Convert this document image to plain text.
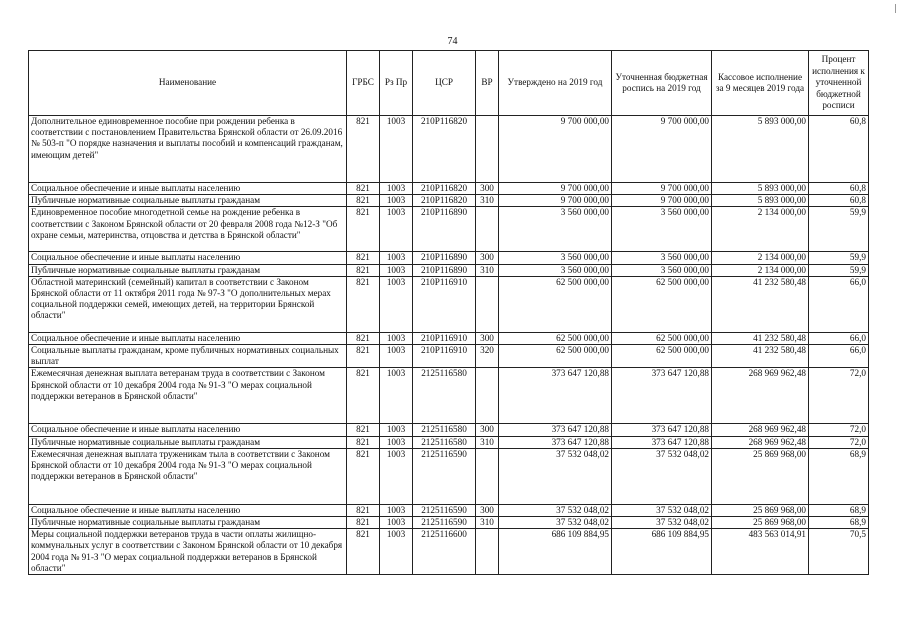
74
Наименование	ГРБС	Рз Пр	ЦСР	ВР	Утверждено на 2019 год	Уточненная бюджетная роспись на 2019 год	Кассовое исполнение за 9 месяцев 2019 года	Процент исполнения к уточненной бюджетной росписи
Дополнительное единовременное пособие при рождении ребенка в соответствии с постановлением Правительства Брянской области от 26.09.2016 № 503-п "О порядке назначения и выплаты пособий и компенсаций гражданам, имеющим детей"	821	1003	210Р116820		9 700 000,00	9 700 000,00	5 893 000,00	60,8
Социальное обеспечение и иные выплаты населению	821	1003	210Р116820	300	9 700 000,00	9 700 000,00	5 893 000,00	60,8
Публичные нормативные социальные выплаты гражданам	821	1003	210Р116820	310	9 700 000,00	9 700 000,00	5 893 000,00	60,8
Единовременное пособие многодетной семье на рождение ребенка в соответствии с Законом Брянской области от 20 февраля 2008 года №12-З "Об охране семьи, материнства, отцовства и детства в Брянской области"	821	1003	210Р116890		3 560 000,00	3 560 000,00	2 134 000,00	59,9
Социальное обеспечение и иные выплаты населению	821	1003	210Р116890	300	3 560 000,00	3 560 000,00	2 134 000,00	59,9
Публичные нормативные социальные выплаты гражданам	821	1003	210Р116890	310	3 560 000,00	3 560 000,00	2 134 000,00	59,9
Областной материнский (семейный) капитал в соответствии с Законом Брянской области от 11 октября 2011 года № 97-З "О дополнительных мерах социальной поддержки семей, имеющих детей, на территории Брянской области"	821	1003	210Р116910		62 500 000,00	62 500 000,00	41 232 580,48	66,0
Социальное обеспечение и иные выплаты населению	821	1003	210Р116910	300	62 500 000,00	62 500 000,00	41 232 580,48	66,0
Социальные выплаты гражданам, кроме публичных нормативных социальных выплат	821	1003	210Р116910	320	62 500 000,00	62 500 000,00	41 232 580,48	66,0
Ежемесячная денежная выплата ветеранам труда в соответствии с Законом Брянской области от 10 декабря 2004 года № 91-З "О мерах социальной поддержки ветеранов в Брянской области"	821	1003	2125116580		373 647 120,88	373 647 120,88	268 969 962,48	72,0
Социальное обеспечение и иные выплаты населению	821	1003	2125116580	300	373 647 120,88	373 647 120,88	268 969 962,48	72,0
Публичные нормативные социальные выплаты гражданам	821	1003	2125116580	310	373 647 120,88	373 647 120,88	268 969 962,48	72,0
Ежемесячная денежная выплата труженикам тыла в соответствии с Законом Брянской области от 10 декабря 2004 года № 91-З "О мерах социальной поддержки ветеранов в Брянской области"	821	1003	2125116590		37 532 048,02	37 532 048,02	25 869 968,00	68,9
Социальное обеспечение и иные выплаты населению	821	1003	2125116590	300	37 532 048,02	37 532 048,02	25 869 968,00	68,9
Публичные нормативные социальные выплаты гражданам	821	1003	2125116590	310	37 532 048,02	37 532 048,02	25 869 968,00	68,9
Меры социальной поддержки ветеранов труда в части оплаты жилищно-коммунальных услуг в соответствии с Законом Брянской области от 10 декабря 2004 года № 91-З "О мерах социальной поддержки ветеранов в Брянской области"	821	1003	2125116600		686 109 884,95	686 109 884,95	483 563 014,91	70,5
